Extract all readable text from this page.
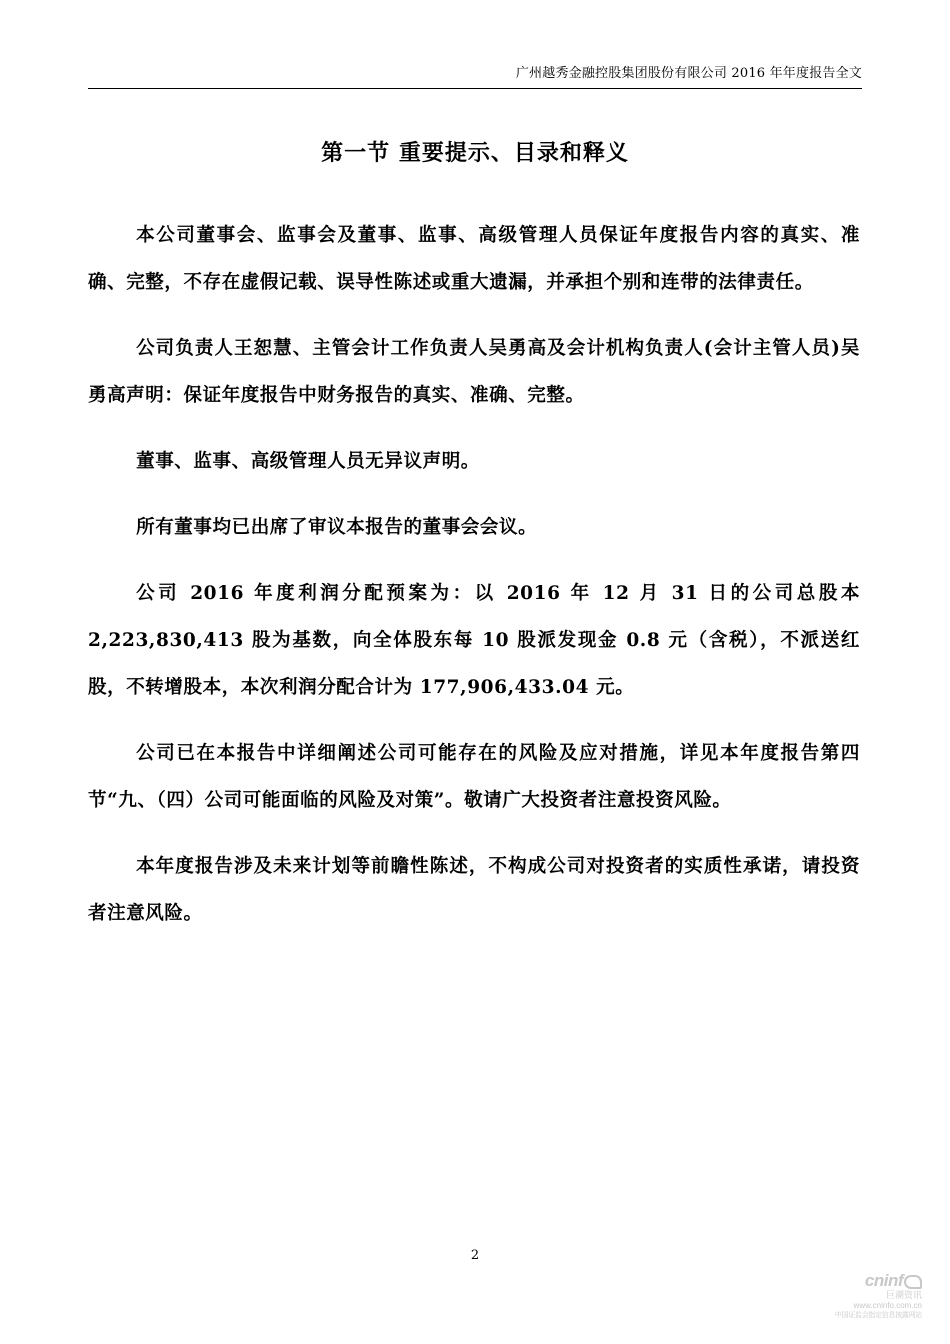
广州越秀金融控股集团股份有限公司 2016 年年度报告全文
第一节 重要提示、目录和释义

本公司董事会、监事会及董事、监事、高级管理人员保证年度报告内容的真实、准确、完整，不存在虚假记载、误导性陈述或重大遗漏，并承担个别和连带的法律责任。

公司负责人王恕慧、主管会计工作负责人吴勇高及会计机构负责人(会计主管人员)吴勇高声明：保证年度报告中财务报告的真实、准确、完整。

董事、监事、高级管理人员无异议声明。

所有董事均已出席了审议本报告的董事会会议。

公司 2016 年度利润分配预案为：以 2016 年 12 月 31 日的公司总股本 2,223,830,413 股为基数，向全体股东每 10 股派发现金 0.8 元（含税），不派送红股，不转增股本，本次利润分配合计为 177,906,433.04 元。

公司已在本报告中详细阐述公司可能存在的风险及应对措施，详见本年度报告第四节“九、（四）公司可能面临的风险及对策”。敬请广大投资者注意投资风险。

本年度报告涉及未来计划等前瞻性陈述，不构成公司对投资者的实质性承诺，请投资者注意风险。

2
cninf
巨潮资讯
www.cninfo.com.cn
中国证监会指定信息披露网站
